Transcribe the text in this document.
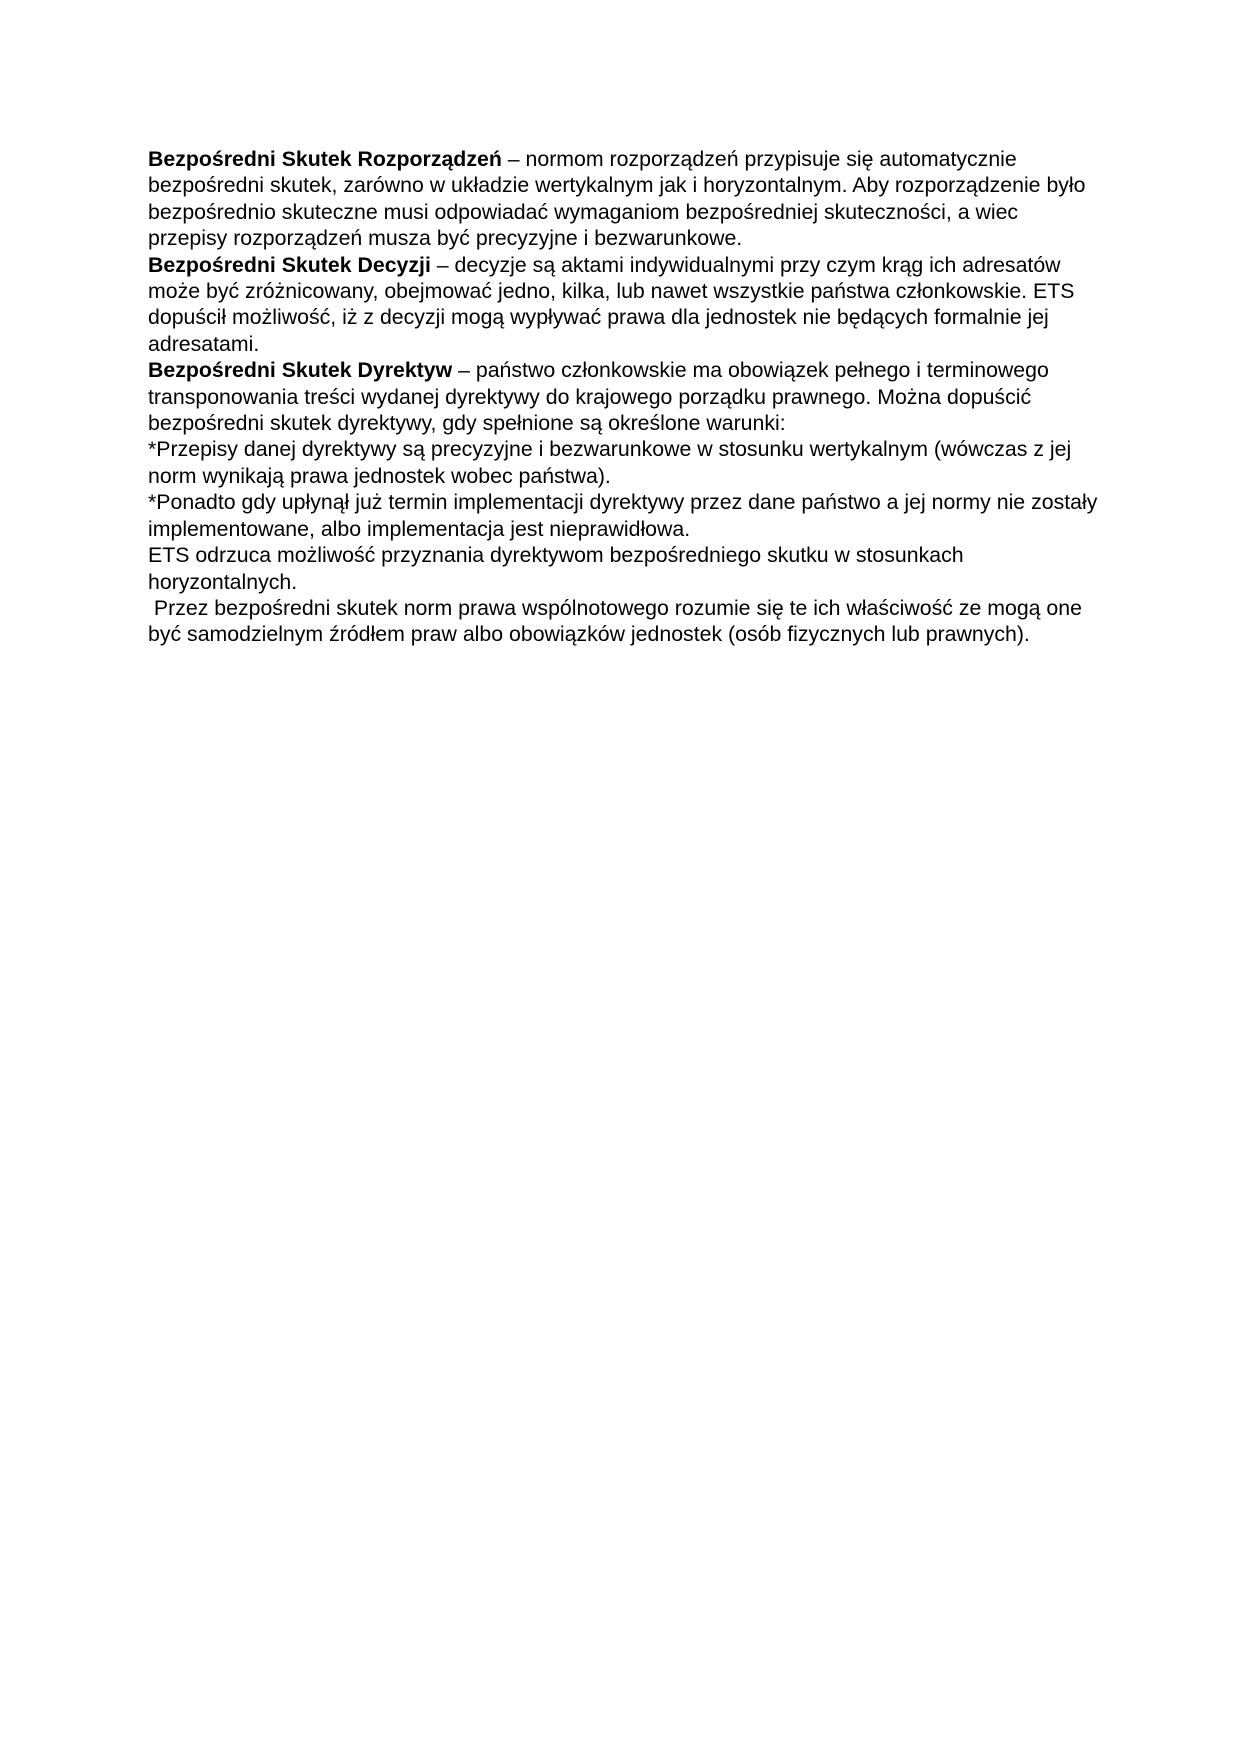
Bezpośredni Skutek Rozporządzeń – normom rozporządzeń przypisuje się automatycznie bezpośredni skutek, zarówno w układzie wertykalnym jak i horyzontalnym. Aby rozporządzenie było bezpośrednio skuteczne musi odpowiadać wymaganiom bezpośredniej skuteczności, a wiec przepisy rozporządzeń musza być precyzyjne i bezwarunkowe.

Bezpośredni Skutek Decyzji – decyzje są aktami indywidualnymi przy czym krąg ich adresatów może być zróżnicowany, obejmować jedno, kilka, lub nawet wszystkie państwa członkowskie. ETS dopuścił możliwość, iż z decyzji mogą wypływać prawa dla jednostek nie będących formalnie jej adresatami.

Bezpośredni Skutek Dyrektyw – państwo członkowskie ma obowiązek pełnego i terminowego transponowania treści wydanej dyrektywy do krajowego porządku prawnego. Można dopuścić bezpośredni skutek dyrektywy, gdy spełnione są określone warunki:

*Przepisy danej dyrektywy są precyzyjne i bezwarunkowe w stosunku wertykalnym (wówczas z jej norm wynikają prawa jednostek wobec państwa).

*Ponadto gdy upłynął już termin implementacji dyrektywy przez dane państwo a jej normy nie zostały implementowane, albo implementacja jest nieprawidłowa.

ETS odrzuca możliwość przyznania dyrektywom bezpośredniego skutku w stosunkach horyzontalnych.

Przez bezpośredni skutek norm prawa wspólnotowego rozumie się te ich właściwość ze mogą one być samodzielnym źródłem praw albo obowiązków jednostek (osób fizycznych lub prawnych).
